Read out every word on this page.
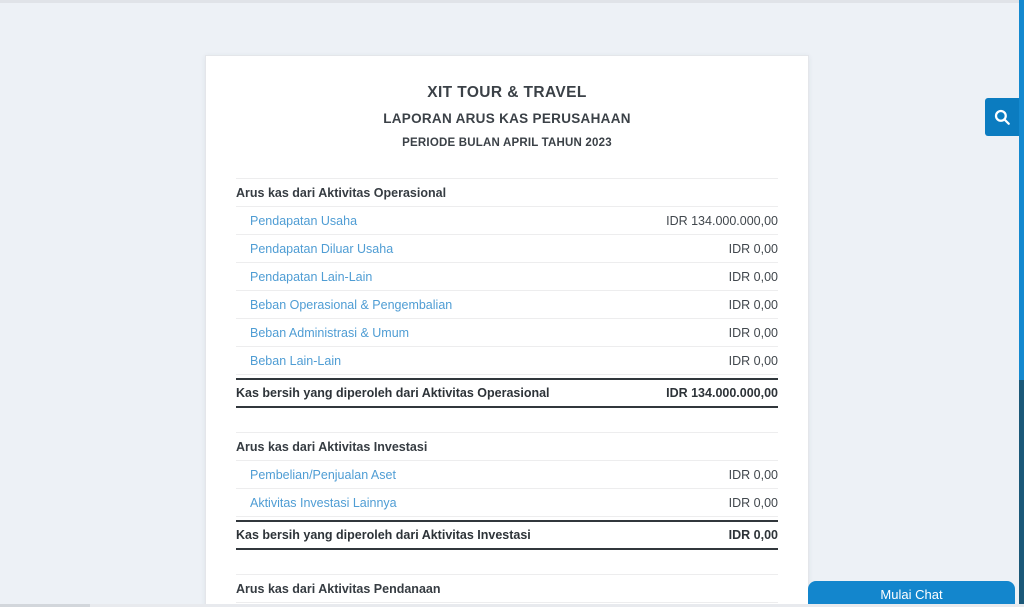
XIT TOUR & TRAVEL
LAPORAN ARUS KAS PERUSAHAAN
PERIODE BULAN APRIL TAHUN 2023
Arus kas dari Aktivitas Operasional
Pendapatan Usaha	IDR 134.000.000,00
Pendapatan Diluar Usaha	IDR 0,00
Pendapatan Lain-Lain	IDR 0,00
Beban Operasional & Pengembalian	IDR 0,00
Beban Administrasi & Umum	IDR 0,00
Beban Lain-Lain	IDR 0,00
Kas bersih yang diperoleh dari Aktivitas Operasional	IDR 134.000.000,00
Arus kas dari Aktivitas Investasi
Pembelian/Penjualan Aset	IDR 0,00
Aktivitas Investasi Lainnya	IDR 0,00
Kas bersih yang diperoleh dari Aktivitas Investasi	IDR 0,00
Arus kas dari Aktivitas Pendanaan	Mulai Chat
